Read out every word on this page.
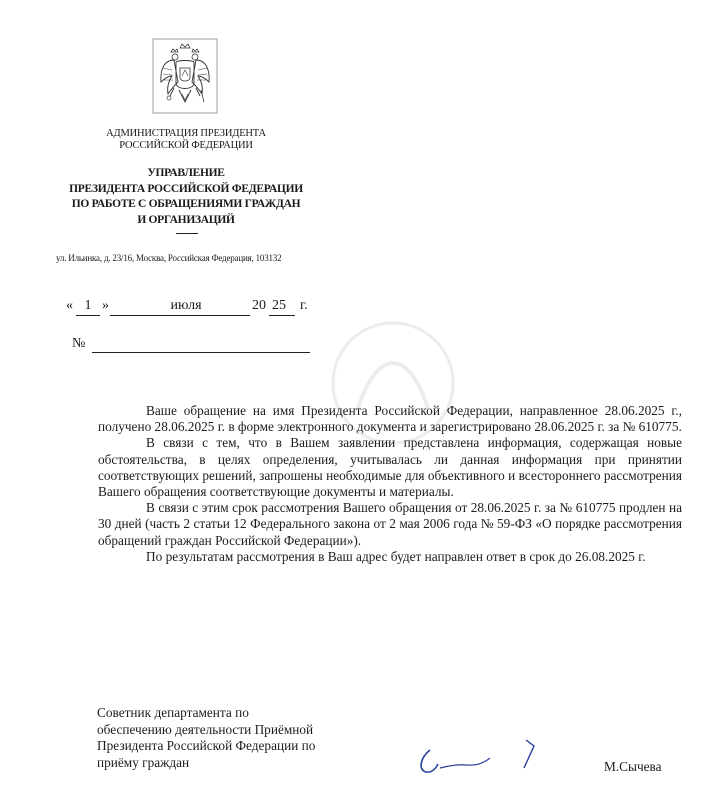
АДМИНИСТРАЦИЯ ПРЕЗИДЕНТА
РОССИЙСКОЙ ФЕДЕРАЦИИ
УПРАВЛЕНИЕ
ПРЕЗИДЕНТА РОССИЙСКОЙ ФЕДЕРАЦИИ
ПО РАБОТЕ С ОБРАЩЕНИЯМИ ГРАЖДАН
И ОРГАНИЗАЦИЙ
ул. Ильинка, д. 23/16, Москва, Российская Федерация, 103132
« 1 »	июля	20 25 г.
№

Ваше обращение на имя Президента Российской Федерации, направленное 28.06.2025 г., получено 28.06.2025 г. в форме электронного документа и зарегистрировано 28.06.2025 г. за № 610775.

В связи с тем, что в Вашем заявлении представлена информация, содержащая новые обстоятельства, в целях определения, учитывалась ли данная информация при принятии соответствующих решений, запрошены необходимые для объективного и всестороннего рассмотрения Вашего обращения соответствующие документы и материалы.

В связи с этим срок рассмотрения Вашего обращения от 28.06.2025 г. за № 610775 продлен на 30 дней (часть 2 статьи 12 Федерального закона от 2 мая 2006 года № 59-ФЗ «О порядке рассмотрения обращений граждан Российской Федерации»).

По результатам рассмотрения в Ваш адрес будет направлен ответ в срок до 26.08.2025 г.

Советник департамента по
обеспечению деятельности Приёмной
Президента Российской Федерации по
приёму граждан	М.Сычева
